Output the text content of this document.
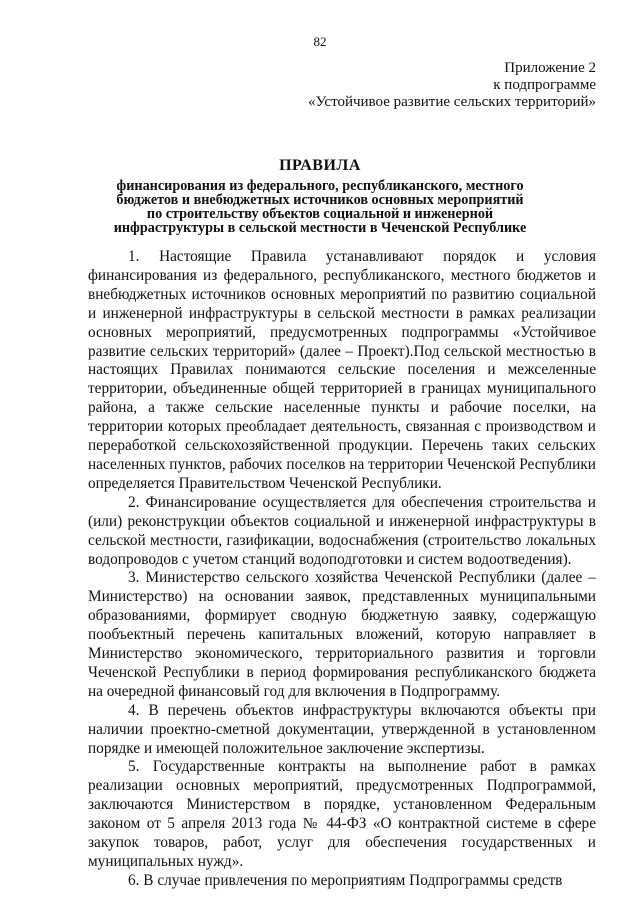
82
Приложение 2
к подпрограмме
«Устойчивое развитие сельских территорий»
ПРАВИЛА
финансирования из федерального, республиканского, местного
бюджетов и внебюджетных источников основных мероприятий
по строительству объектов социальной и инженерной
инфраструктуры в сельской местности в Чеченской Республике

1. Настоящие Правила устанавливают порядок и условия финансирования из федерального, республиканского, местного бюджетов и внебюджетных источников основных мероприятий по развитию социальной и инженерной инфраструктуры в сельской местности в рамках реализации основных мероприятий, предусмотренных подпрограммы «Устойчивое развитие сельских территорий» (далее – Проект).Под сельской местностью в настоящих Правилах понимаются сельские поселения и межселенные территории, объединенные общей территорией в границах муниципального района, а также сельские населенные пункты и рабочие поселки, на территории которых преобладает деятельность, связанная с производством и переработкой сельскохозяйственной продукции. Перечень таких сельских населенных пунктов, рабочих поселков на территории Чеченской Республики определяется Правительством Чеченской Республики.

2. Финансирование осуществляется для обеспечения строительства и (или) реконструкции объектов социальной и инженерной инфраструктуры в сельской местности, газификации, водоснабжения (строительство локальных водопроводов с учетом станций водоподготовки и систем водоотведения).

3. Министерство сельского хозяйства Чеченской Республики (далее – Министерство) на основании заявок, представленных муниципальными образованиями, формирует сводную бюджетную заявку, содержащую пообъектный перечень капитальных вложений, которую направляет в Министерство экономического, территориального развития и торговли Чеченской Республики в период формирования республиканского бюджета на очередной финансовый год для включения в Подпрограмму.

4. В перечень объектов инфраструктуры включаются объекты при наличии проектно-сметной документации, утвержденной в установленном порядке и имеющей положительное заключение экспертизы.

5. Государственные контракты на выполнение работ в рамках реализации основных мероприятий, предусмотренных Подпрограммой, заключаются Министерством в порядке, установленном Федеральным законом от 5 апреля 2013 года № 44-ФЗ «О контрактной системе в сфере закупок товаров, работ, услуг для обеспечения государственных и муниципальных нужд».

6. В случае привлечения по мероприятиям Подпрограммы средств
